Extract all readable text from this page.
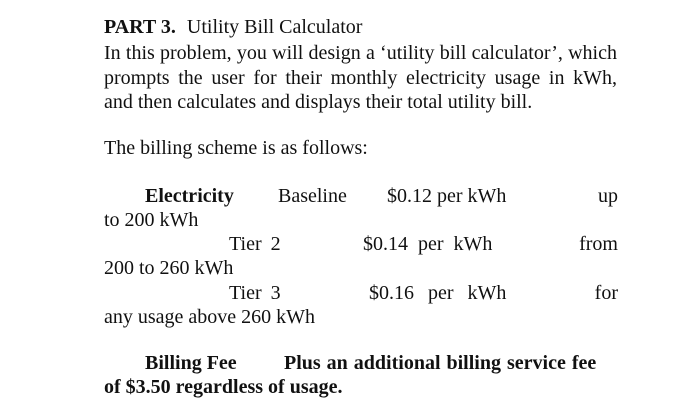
PART 3. Utility Bill Calculator
In this problem, you will design a ‘utility bill calculator’, which prompts the user for their monthly electricity usage in kWh, and then calculates and displays their total utility bill.
The billing scheme is as follows:
Electricity Baseline $0.12 per kWh	up
to 200 kWh
Tier 2	$0.14 per kWh	from
200 to 260 kWh
Tier 3	$0.16 per kWh	for
any usage above 260 kWh
Billing Fee Plus an additional billing service fee
of $3.50 regardless of usage.
